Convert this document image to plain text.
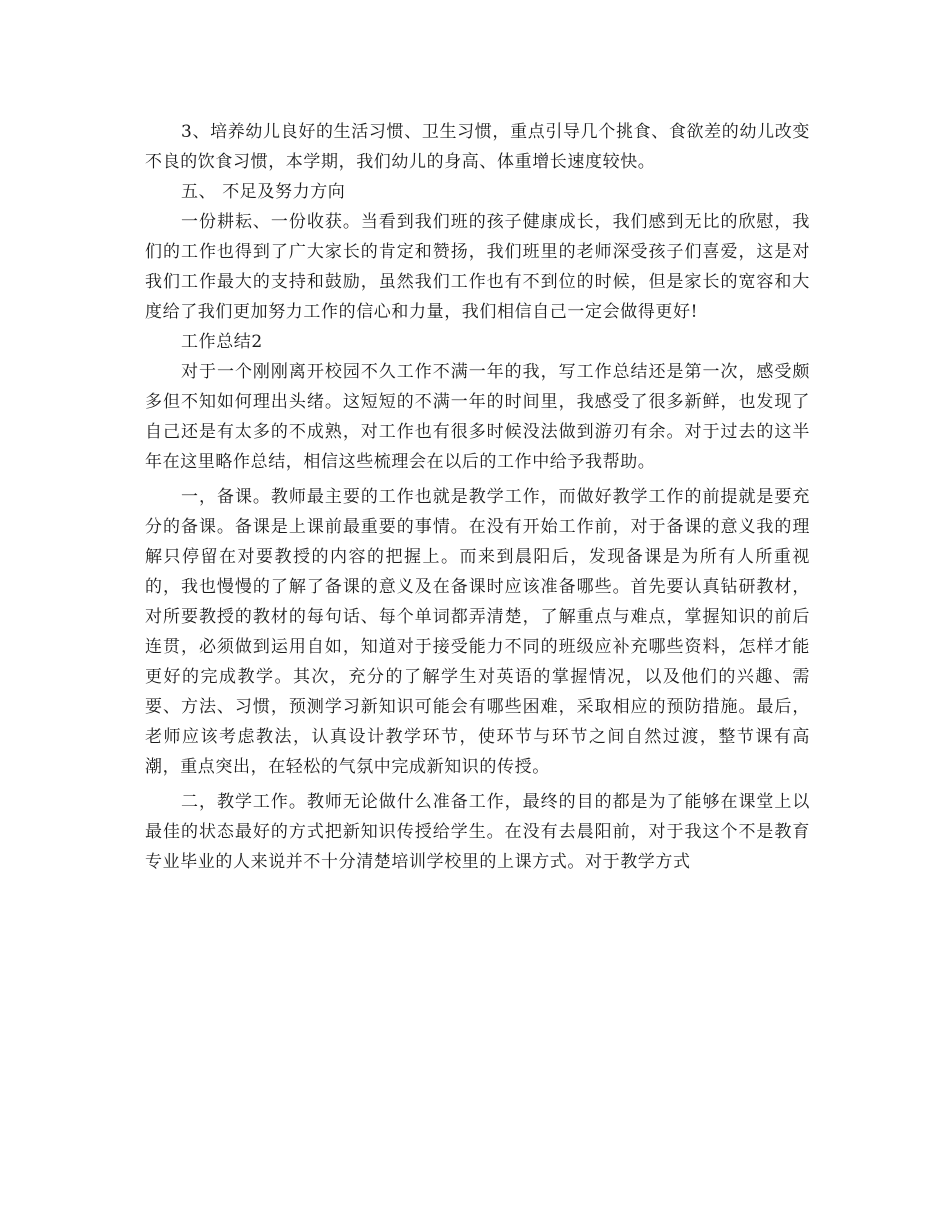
3、培养幼儿良好的生活习惯、卫生习惯，重点引导几个挑食、食欲差的幼儿改变不良的饮食习惯，本学期，我们幼儿的身高、体重增长速度较快。

五、 不足及努力方向

一份耕耘、一份收获。当看到我们班的孩子健康成长，我们感到无比的欣慰，我们的工作也得到了广大家长的肯定和赞扬，我们班里的老师深受孩子们喜爱，这是对我们工作最大的支持和鼓励，虽然我们工作也有不到位的时候，但是家长的宽容和大度给了我们更加努力工作的信心和力量，我们相信自己一定会做得更好!

工作总结2

对于一个刚刚离开校园不久工作不满一年的我，写工作总结还是第一次，感受颇多但不知如何理出头绪。这短短的不满一年的时间里，我感受了很多新鲜，也发现了自己还是有太多的不成熟，对工作也有很多时候没法做到游刃有余。对于过去的这半年在这里略作总结，相信这些梳理会在以后的工作中给予我帮助。

一，备课。教师最主要的工作也就是教学工作，而做好教学工作的前提就是要充分的备课。备课是上课前最重要的事情。在没有开始工作前，对于备课的意义我的理解只停留在对要教授的内容的把握上。而来到晨阳后，发现备课是为所有人所重视的，我也慢慢的了解了备课的意义及在备课时应该准备哪些。首先要认真钻研教材，对所要教授的教材的每句话、每个单词都弄清楚，了解重点与难点，掌握知识的前后连贯，必须做到运用自如，知道对于接受能力不同的班级应补充哪些资料，怎样才能更好的完成教学。其次，充分的了解学生对英语的掌握情况，以及他们的兴趣、需要、方法、习惯，预测学习新知识可能会有哪些困难，采取相应的预防措施。最后，老师应该考虑教法，认真设计教学环节，使环节与环节之间自然过渡，整节课有高潮，重点突出，在轻松的气氛中完成新知识的传授。

二，教学工作。教师无论做什么准备工作，最终的目的都是为了能够在课堂上以最佳的状态最好的方式把新知识传授给学生。在没有去晨阳前，对于我这个不是教育专业毕业的人来说并不十分清楚培训学校里的上课方式。对于教学方式
